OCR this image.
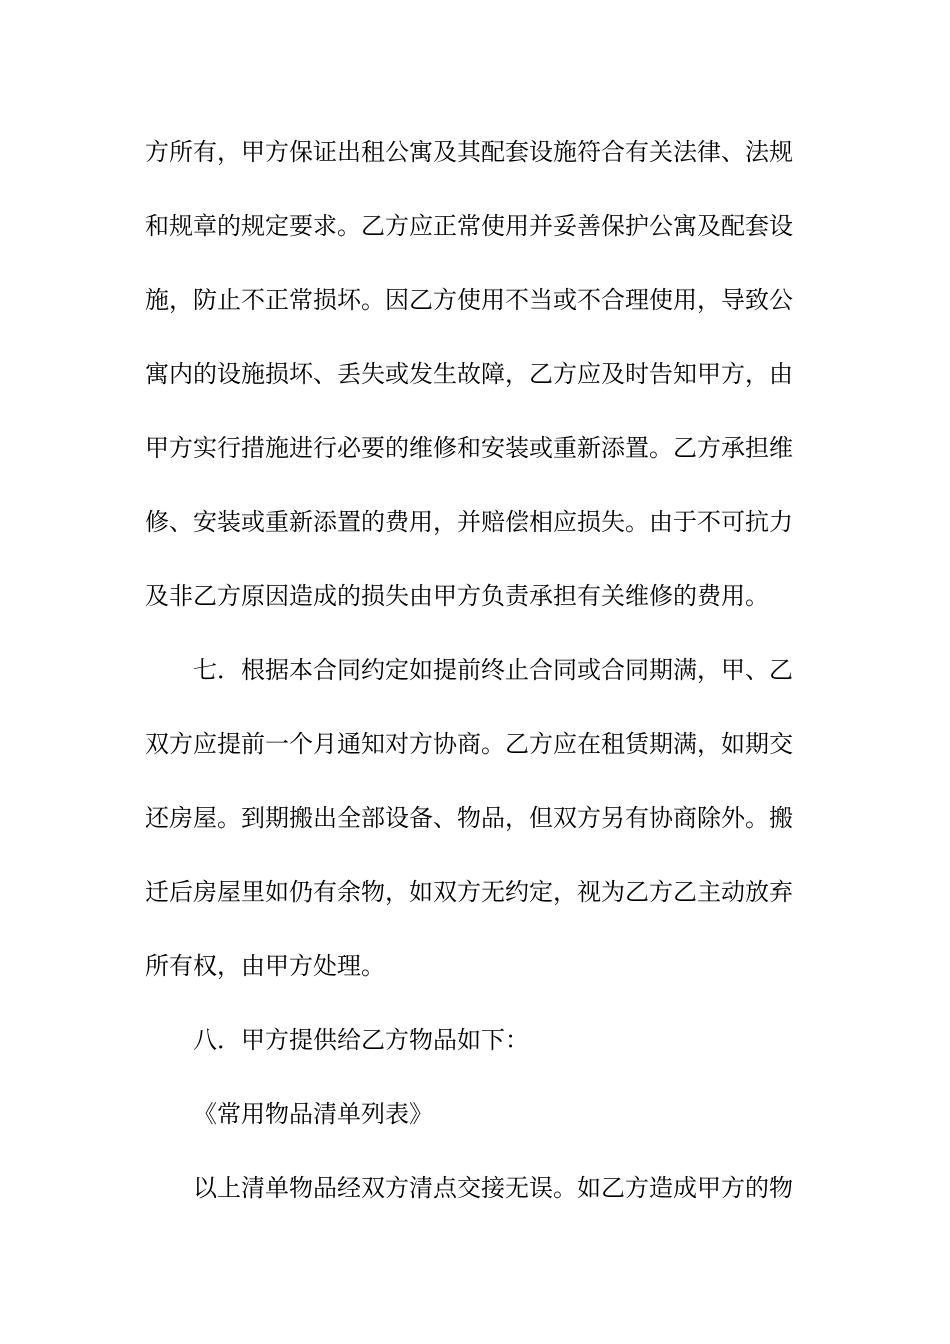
方所有，甲方保证出租公寓及其配套设施符合有关法律、法规
和规章的规定要求。乙方应正常使用并妥善保护公寓及配套设
施，防止不正常损坏。因乙方使用不当或不合理使用，导致公
寓内的设施损坏、丢失或发生故障，乙方应及时告知甲方，由
甲方实行措施进行必要的维修和安装或重新添置。乙方承担维
修、安装或重新添置的费用，并赔偿相应损失。由于不可抗力
及非乙方原因造成的损失由甲方负责承担有关维修的费用。
七．根据本合同约定如提前终止合同或合同期满，甲、乙
双方应提前一个月通知对方协商。乙方应在租赁期满，如期交
还房屋。到期搬出全部设备、物品，但双方另有协商除外。搬
迁后房屋里如仍有余物，如双方无约定，视为乙方乙主动放弃
所有权，由甲方处理。
八．甲方提供给乙方物品如下：
《常用物品清单列表》
以上清单物品经双方清点交接无误。如乙方造成甲方的物
